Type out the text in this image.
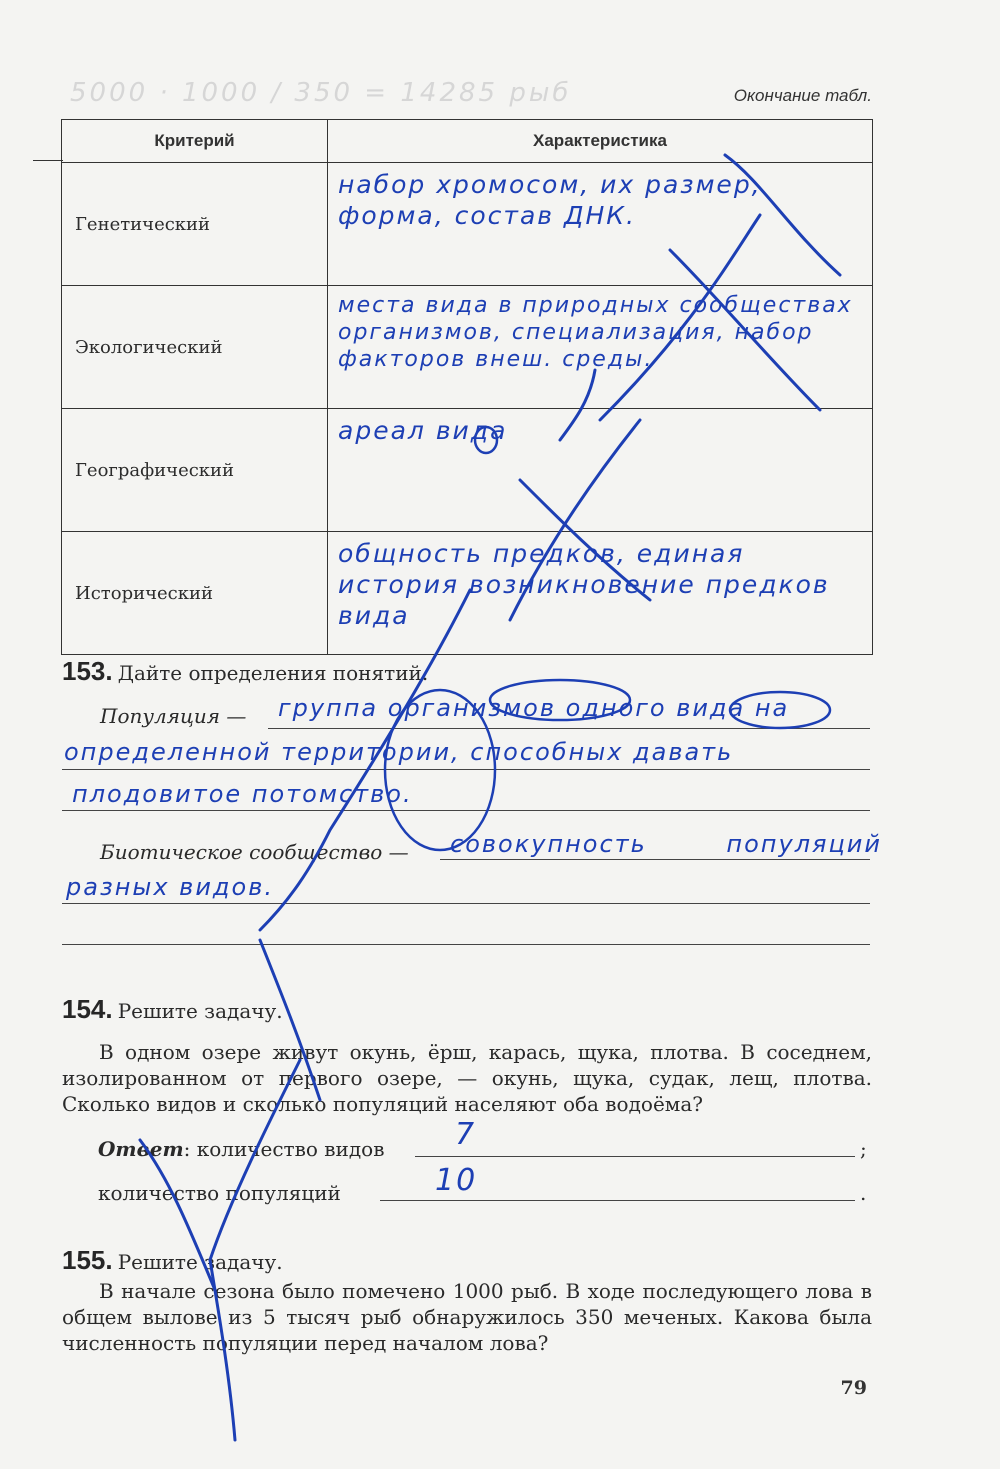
5000 · 1000 / 350 = 14285 рыб	Окончание табл.
Критерий	Характеристика
Генетический	набор хромосом, их размер, форма, состав ДНК.
Экологический	места вида в природных сообществах организмов, специализация, набор факторов внеш. среды.
Географический	ареал вида
Исторический	общность предков, единая история возникновение предков вида
153. Дайте определения понятий.
Популяция — группа организмов одного вида на
определенной территории, способных давать
плодовитое потомство.
Биотическое сообщество — совокупность популяций
разных видов.
154. Решите задачу.
В одном озере живут окунь, ёрш, карась, щука, плотва. В соседнем, изолированном от первого озере, — окунь, щука, судак, лещ, плотва. Сколько видов и сколько популяций населяют оба водоёма?
Ответ: количество видов 7	;
количество популяций	10	.
155. Решите задачу.
В начале сезона было помечено 1000 рыб. В ходе последующего лова в общем вылове из 5 тысяч рыб обнаружилось 350 меченых. Какова была численность популяции перед началом лова?
79
